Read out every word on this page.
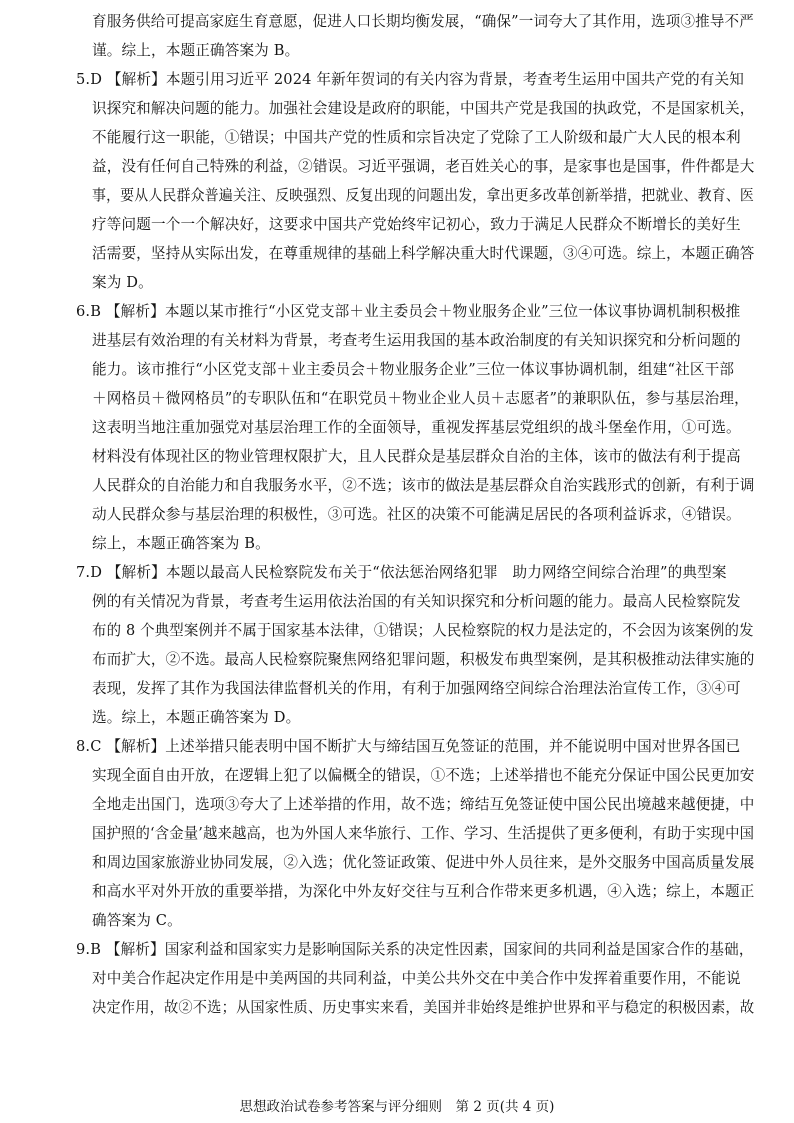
育服务供给可提高家庭生育意愿，促进人口长期均衡发展，“确保”一词夸大了其作用，选项③推导不严
谨。综上，本题正确答案为 B。
5.D 【解析】本题引用习近平 2024 年新年贺词的有关内容为背景，考查考生运用中国共产党的有关知
识探究和解决问题的能力。加强社会建设是政府的职能，中国共产党是我国的执政党，不是国家机关，
不能履行这一职能，①错误；中国共产党的性质和宗旨决定了党除了工人阶级和最广大人民的根本利
益，没有任何自己特殊的利益，②错误。习近平强调，老百姓关心的事，是家事也是国事，件件都是大
事，要从人民群众普遍关注、反映强烈、反复出现的问题出发，拿出更多改革创新举措，把就业、教育、医
疗等问题一个一个解决好，这要求中国共产党始终牢记初心，致力于满足人民群众不断增长的美好生
活需要，坚持从实际出发，在尊重规律的基础上科学解决重大时代课题，③④可选。综上，本题正确答
案为 D。
6.B 【解析】本题以某市推行“小区党支部＋业主委员会＋物业服务企业”三位一体议事协调机制积极推
进基层有效治理的有关材料为背景，考查考生运用我国的基本政治制度的有关知识探究和分析问题的
能力。该市推行“小区党支部＋业主委员会＋物业服务企业”三位一体议事协调机制，组建“社区干部
＋网格员＋微网格员”的专职队伍和“在职党员＋物业企业人员＋志愿者”的兼职队伍，参与基层治理，
这表明当地注重加强党对基层治理工作的全面领导，重视发挥基层党组织的战斗堡垒作用，①可选。
材料没有体现社区的物业管理权限扩大，且人民群众是基层群众自治的主体，该市的做法有利于提高
人民群众的自治能力和自我服务水平，②不选；该市的做法是基层群众自治实践形式的创新，有利于调
动人民群众参与基层治理的积极性，③可选。社区的决策不可能满足居民的各项利益诉求，④错误。
综上，本题正确答案为 B。
7.D 【解析】本题以最高人民检察院发布关于“依法惩治网络犯罪　助力网络空间综合治理”的典型案
例的有关情况为背景，考查考生运用依法治国的有关知识探究和分析问题的能力。最高人民检察院发
布的 8 个典型案例并不属于国家基本法律，①错误；人民检察院的权力是法定的，不会因为该案例的发
布而扩大，②不选。最高人民检察院聚焦网络犯罪问题，积极发布典型案例，是其积极推动法律实施的
表现，发挥了其作为我国法律监督机关的作用，有利于加强网络空间综合治理法治宣传工作，③④可
选。综上，本题正确答案为 D。
8.C 【解析】上述举措只能表明中国不断扩大与缔结国互免签证的范围，并不能说明中国对世界各国已
实现全面自由开放，在逻辑上犯了以偏概全的错误，①不选；上述举措也不能充分保证中国公民更加安
全地走出国门，选项③夸大了上述举措的作用，故不选；缔结互免签证使中国公民出境越来越便捷，中
国护照的‘含金量’越来越高，也为外国人来华旅行、工作、学习、生活提供了更多便利，有助于实现中国
和周边国家旅游业协同发展，②入选；优化签证政策、促进中外人员往来，是外交服务中国高质量发展
和高水平对外开放的重要举措，为深化中外友好交往与互利合作带来更多机遇，④入选；综上，本题正
确答案为 C。
9.B 【解析】国家利益和国家实力是影响国际关系的决定性因素，国家间的共同利益是国家合作的基础，
对中美合作起决定作用是中美两国的共同利益，中美公共外交在中美合作中发挥着重要作用，不能说
决定作用，故②不选；从国家性质、历史事实来看，美国并非始终是维护世界和平与稳定的积极因素，故
思想政治试卷参考答案与评分细则　第 2 页(共 4 页)
